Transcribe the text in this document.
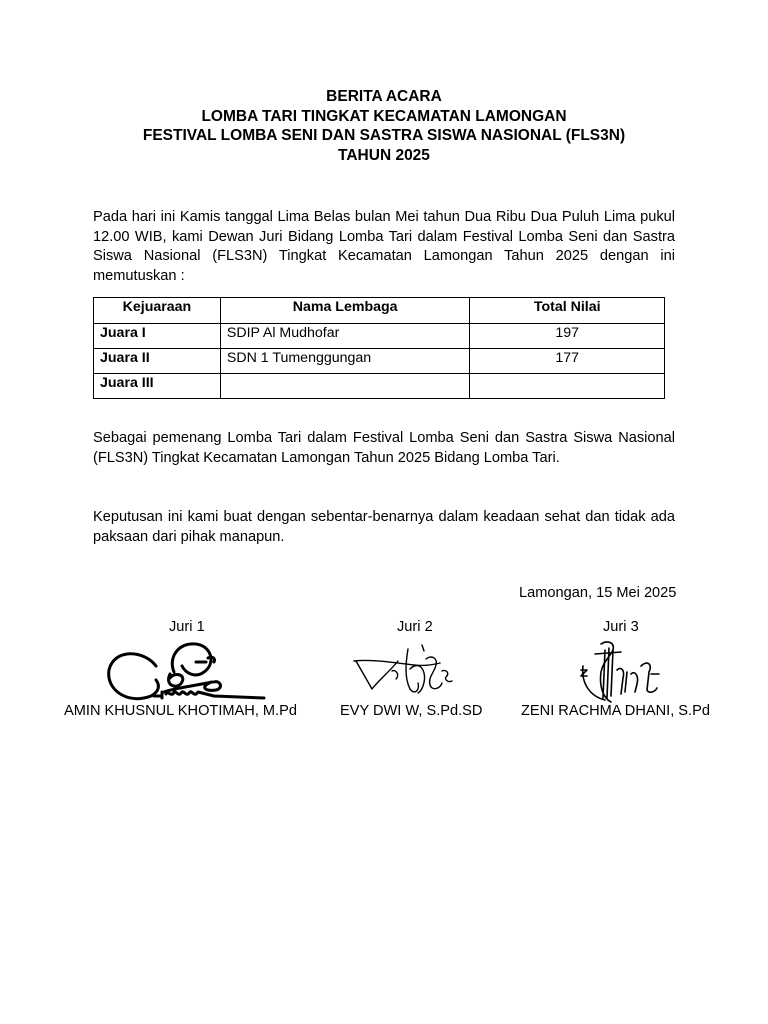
BERITA ACARA
LOMBA TARI TINGKAT KECAMATAN LAMONGAN
FESTIVAL LOMBA SENI DAN SASTRA SISWA NASIONAL (FLS3N)
TAHUN 2025
Pada hari ini Kamis tanggal Lima Belas bulan Mei tahun Dua Ribu Dua Puluh Lima pukul 12.00 WIB, kami Dewan Juri Bidang Lomba Tari dalam Festival Lomba Seni dan Sastra Siswa Nasional (FLS3N) Tingkat Kecamatan Lamongan Tahun 2025 dengan ini memutuskan :
Kejuaraan	Nama Lembaga	Total Nilai
Juara I	SDIP Al Mudhofar	197
Juara II	SDN 1 Tumenggungan	177
Juara III		
Sebagai pemenang Lomba Tari dalam Festival Lomba Seni dan Sastra Siswa Nasional (FLS3N) Tingkat Kecamatan Lamongan Tahun 2025 Bidang Lomba Tari.
Keputusan ini kami buat dengan sebentar-benarnya dalam keadaan sehat dan tidak ada paksaan dari pihak manapun.
Lamongan, 15 Mei 2025
Juri 1	Juri 2	Juri 3
AMIN KHUSNUL KHOTIMAH, M.Pd	EVY DWI W, S.Pd.SD	ZENI RACHMA DHANI, S.Pd
